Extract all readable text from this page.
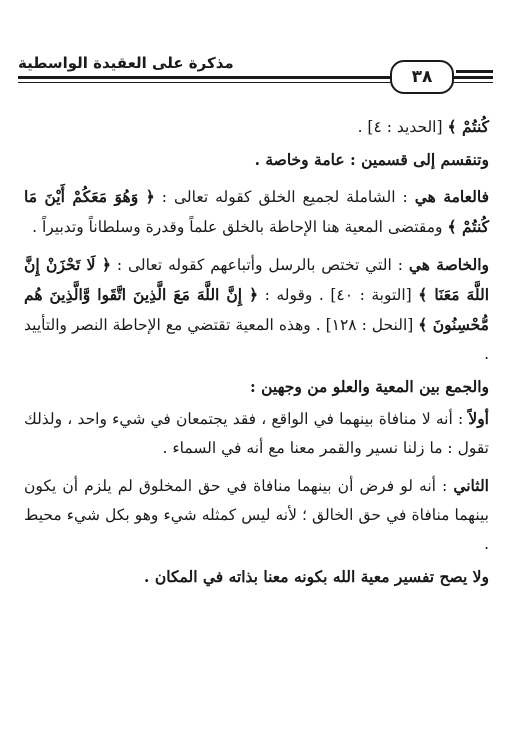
مذكرة على العقيدة الواسطية
٣٨

كُنتُمْ ﴾ [الحديد : ٤] .

وتنقسم إلى قسمين : عامة وخاصة .

فالعامة هي : الشاملة لجميع الخلق كقوله تعالى : ﴿ وَهُوَ مَعَكُمْ أَيْنَ مَا كُنتُمْ ﴾ ومقتضى المعية هنا الإحاطة بالخلق علماً وقدرة وسلطاناً وتدبيراً .

والخاصة هي : التي تختص بالرسل وأتباعهم كقوله تعالى : ﴿ لَا تَحْزَنْ إِنَّ اللَّهَ مَعَنَا ﴾ [التوبة : ٤٠] . وقوله : ﴿ إِنَّ اللَّهَ مَعَ الَّذِينَ اتَّقَوا وَّالَّذِينَ هُم مُّحْسِنُونَ ﴾ [النحل : ١٢٨] . وهذه المعية تقتضي مع الإحاطة النصر والتأييد .

والجمع بين المعية والعلو من وجهين :

أولاً : أنه لا منافاة بينهما في الواقع ، فقد يجتمعان في شيء واحد ، ولذلك تقول : ما زلنا نسير والقمر معنا مع أنه في السماء .

الثاني : أنه لو فرض أن بينهما منافاة في حق المخلوق لم يلزم أن يكون بينهما منافاة في حق الخالق ؛ لأنه ليس كمثله شيء وهو بكل شيء محيط .

ولا يصح تفسير معية الله بكونه معنا بذاته في المكان .
